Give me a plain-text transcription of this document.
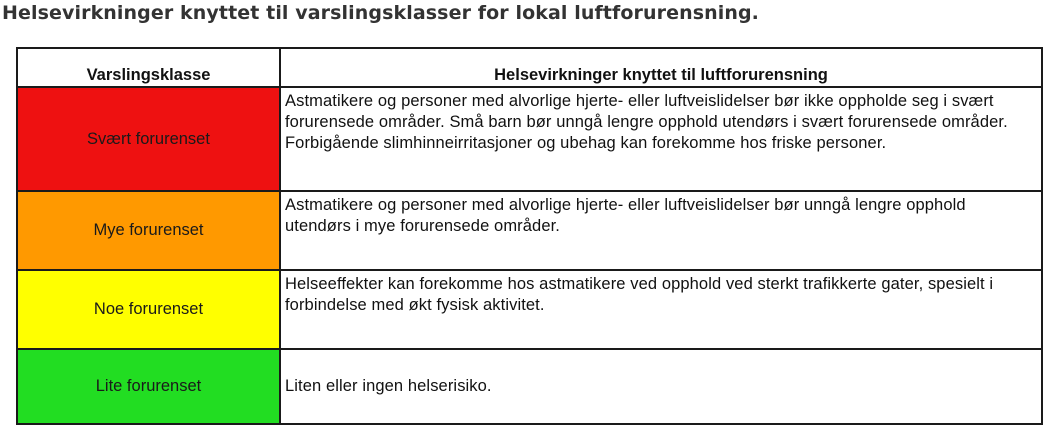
Helsevirkninger knyttet til varslingsklasser for lokal luftforurensning.
Varslingsklasse	Helsevirkninger knyttet til luftforurensning
Svært forurenset	Astmatikere og personer med alvorlige hjerte- eller luftveislidelser bør ikke oppholde seg i svært forurensede områder. Små barn bør unngå lengre opphold utendørs i svært forurensede områder. Forbigående slimhinneirritasjoner og ubehag kan forekomme hos friske personer.
Mye forurenset	Astmatikere og personer med alvorlige hjerte- eller luftveislidelser bør unngå lengre opphold utendørs i mye forurensede områder.
Noe forurenset	Helseeffekter kan forekomme hos astmatikere ved opphold ved sterkt trafikkerte gater, spesielt i forbindelse med økt fysisk aktivitet.
Lite forurenset	Liten eller ingen helserisiko.
